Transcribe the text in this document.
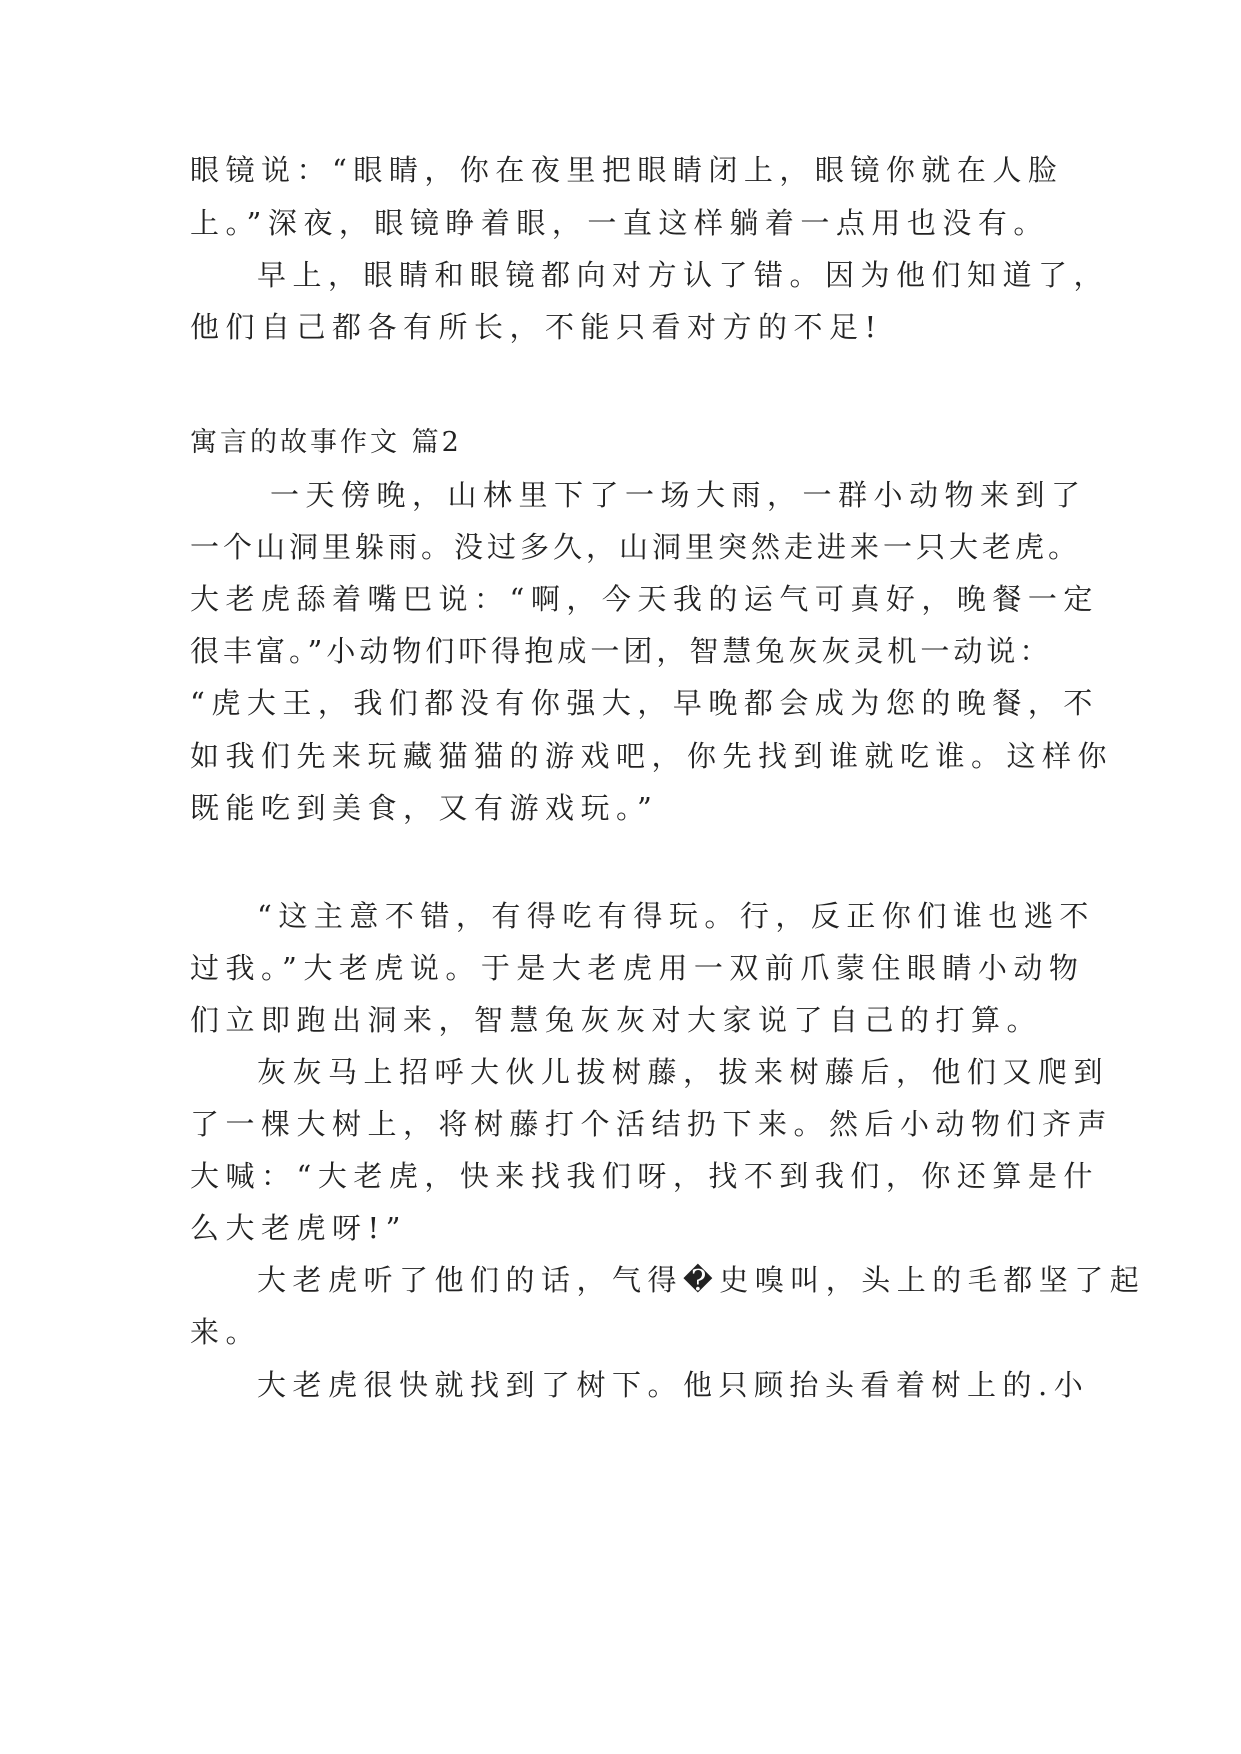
眼镜说：“眼睛，你在夜里把眼睛闭上，眼镜你就在人脸

上。”深夜，眼镜睁着眼，一直这样躺着一点用也没有。

早上，眼睛和眼镜都向对方认了错。因为他们知道了，

他们自己都各有所长，不能只看对方的不足!

寓言的故事作文 篇2

一天傍晚，山林里下了一场大雨，一群小动物来到了

一个山洞里躲雨。没过多久，山洞里突然走进来一只大老虎。

大老虎舔着嘴巴说：“啊，今天我的运气可真好，晚餐一定

很丰富。”小动物们吓得抱成一团，智慧兔灰灰灵机一动说：

“虎大王，我们都没有你强大，早晚都会成为您的晚餐，不

如我们先来玩藏猫猫的游戏吧，你先找到谁就吃谁。这样你

既能吃到美食，又有游戏玩。”

“这主意不错，有得吃有得玩。行，反正你们谁也逃不

过我。”大老虎说。于是大老虎用一双前爪蒙住眼睛小动物

们立即跑出洞来，智慧兔灰灰对大家说了自己的打算。

灰灰马上招呼大伙儿拔树藤，拔来树藤后，他们又爬到

了一棵大树上，将树藤打个活结扔下来。然后小动物们齐声

大喊：“大老虎，快来找我们呀，找不到我们，你还算是什

么大老虎呀!”

大老虎听了他们的话，气得�史嗅叫，头上的毛都坚了起

来。

大老虎很快就找到了树下。他只顾抬头看着树上的.小
